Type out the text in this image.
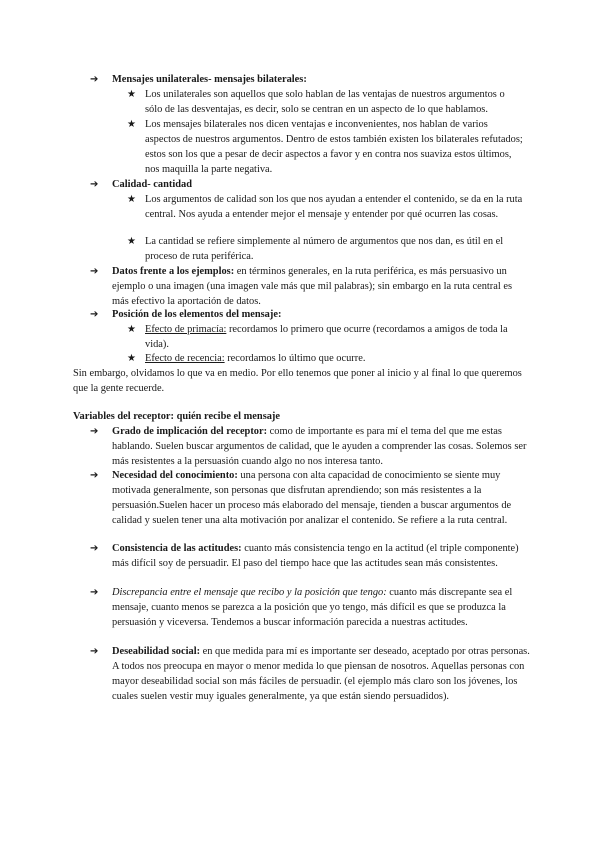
➔	Mensajes unilaterales- mensajes bilaterales:
★ Los unilaterales son aquellos que solo hablan de las ventajas de nuestros argumentos o sólo de las desventajas, es decir, solo se centran en un aspecto de lo que hablamos.
★ Los mensajes bilaterales nos dicen ventajas e inconvenientes, nos hablan de varios aspectos de nuestros argumentos. Dentro de estos también existen los bilaterales refutados; estos son los que a pesar de decir aspectos a favor y en contra nos suaviza estos últimos, nos maquilla la parte negativa.
➔	Calidad- cantidad
★ Los argumentos de calidad son los que nos ayudan a entender el contenido, se da en la ruta central. Nos ayuda a entender mejor el mensaje y entender por qué ocurren las cosas.
★ La cantidad se refiere simplemente al número de argumentos que nos dan, es útil en el proceso de ruta periférica.
➔	Datos frente a los ejemplos: en términos generales, en la ruta periférica, es más persuasivo un ejemplo o una imagen (una imagen vale más que mil palabras); sin embargo en la ruta central es más efectivo la aportación de datos.
➔	Posición de los elementos del mensaje:
★ Efecto de primacía: recordamos lo primero que ocurre (recordamos a amigos de toda la vida).
★ Efecto de recencia: recordamos lo último que ocurre.
Sin embargo, olvidamos lo que va en medio. Por ello tenemos que poner al inicio y al final lo que queremos que la gente recuerde.
Variables del receptor: quién recibe el mensaje
➔	Grado de implicación del receptor: como de importante es para mí el tema del que me estas hablando. Suelen buscar argumentos de calidad, que le ayuden a comprender las cosas. Solemos ser más resistentes a la persuasión cuando algo no nos interesa tanto.
➔	Necesidad del conocimiento: una persona con alta capacidad de conocimiento se siente muy motivada generalmente, son personas que disfrutan aprendiendo; son más resistentes a la persuasión.Suelen hacer un proceso más elaborado del mensaje, tienden a buscar argumentos de calidad y suelen tener una alta motivación por analizar el contenido. Se refiere a la ruta central.
➔	Consistencia de las actitudes: cuanto más consistencia tengo en la actitud (el triple componente) más difícil soy de persuadir. El paso del tiempo hace que las actitudes sean más consistentes.
➔	Discrepancia entre el mensaje que recibo y la posición que tengo: cuanto más discrepante sea el mensaje, cuanto menos se parezca a la posición que yo tengo, más difícil es que se produzca la persuasión y viceversa. Tendemos a buscar información parecida a nuestras actitudes.
➔	Deseabilidad social: en que medida para mí es importante ser deseado, aceptado por otras personas. A todos nos preocupa en mayor o menor medida lo que piensan de nosotros. Aquellas personas con mayor deseabilidad social son más fáciles de persuadir. (el ejemplo más claro son los jóvenes, los cuales suelen vestir muy iguales generalmente, ya que están siendo persuadidos).
